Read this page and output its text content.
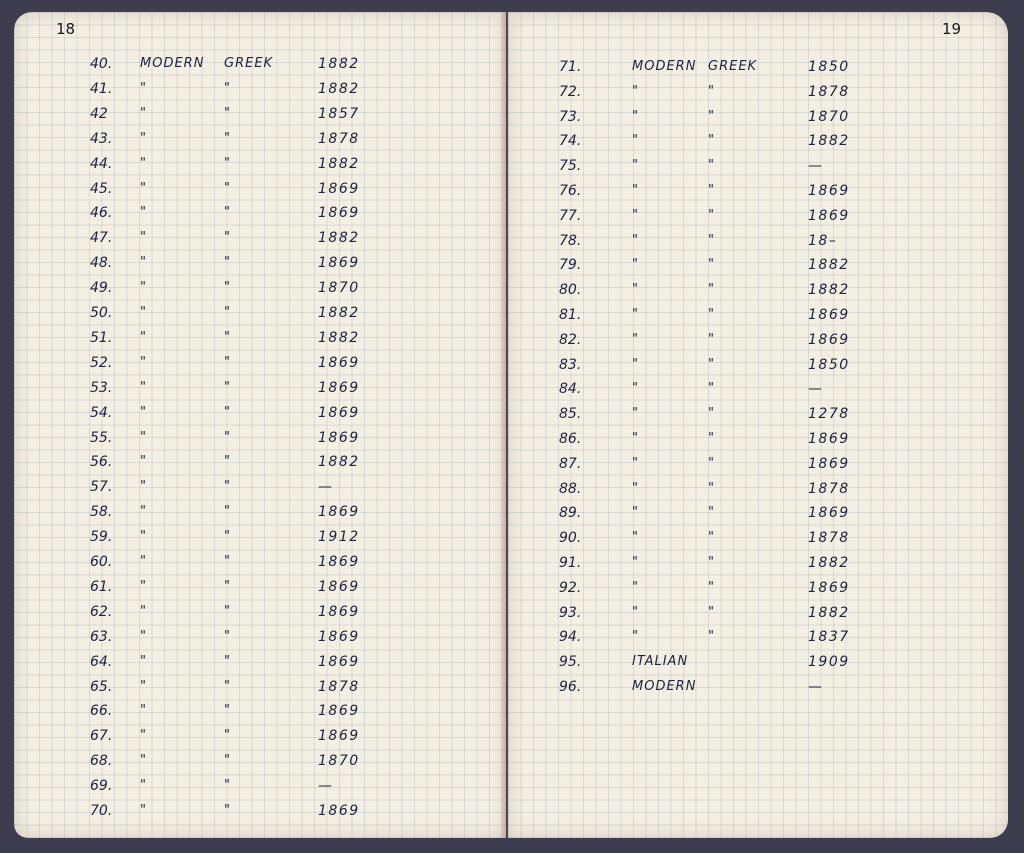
18
40.	MODERN GREEK	1882
41.	"	"	1882
42	"	"	1857
43.	"	"	1878
44.	"	"	1882
45.	"	"	1869
46.	"	"	1869
47.	"	"	1882
48.	"	"	1869
49.	"	"	1870
50.	"	"	1882
51.	"	"	1882
52.	"	"	1869
53.	"	"	1869
54.	"	"	1869
55.	"	"	1869
56.	"	"	1882
57.	"	"	—
58.	"	"	1869
59.	"	"	1912
60.	"	"	1869
61.	"	"	1869
62.	"	"	1869
63.	"	"	1869
64.	"	"	1869
65.	"	"	1878
66.	"	"	1869
67.	"	"	1869
68.	"	"	1870
69.	"	"	—
70.	"	"	1869
19
71.	MODERN GREEK	1850
72.	"	"	1878
73.	"	"	1870
74.	"	"	1882
75.	"	"	—
76.	"	"	1869
77.	"	"	1869
78.	"	"	18–
79.	"	"	1882
80.	"	"	1882
81.	"	"	1869
82.	"	"	1869
83.	"	"	1850
84.	"	"	—
85.	"	"	1278
86.	"	"	1869
87.	"	"	1869
88.	"	"	1878
89.	"	"	1869
90.	"	"	1878
91.	"	"	1882
92.	"	"	1869
93.	"	"	1882
94.	"	"	1837
95.	ITALIAN	1909
96.	MODERN	—
